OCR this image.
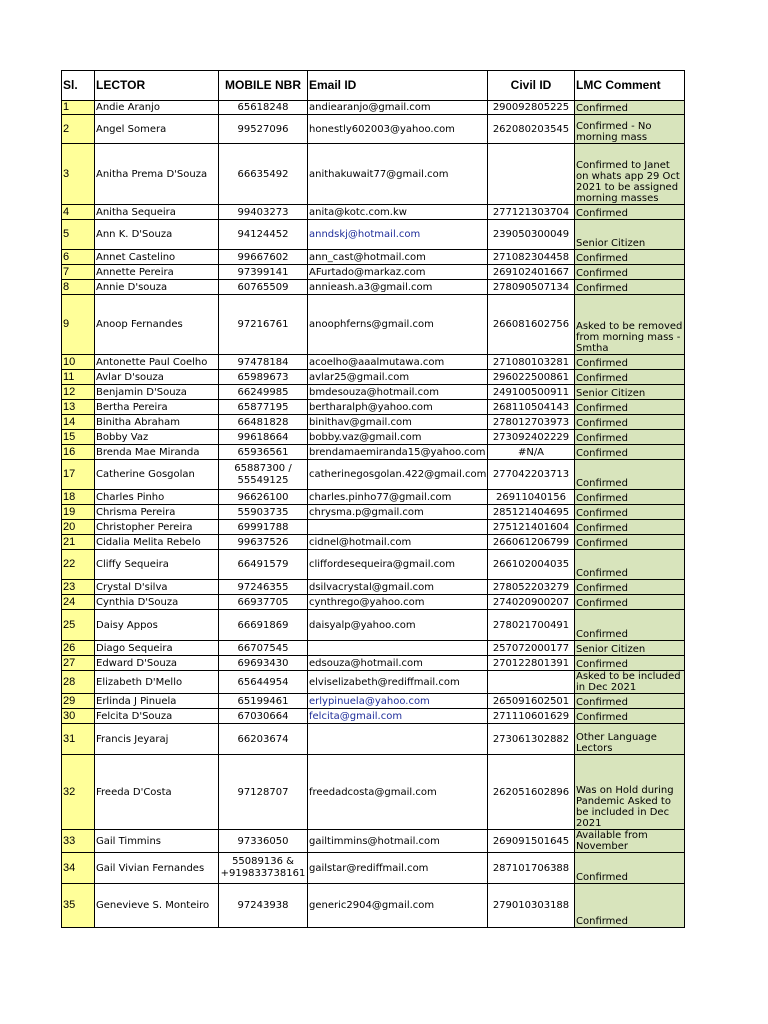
Sl.	LECTOR	MOBILE NBR	Email ID	Civil ID	LMC Comment
1	Andie Aranjo	65618248	andiearanjo@gmail.com	290092805225	Confirmed
2	Angel Somera	99527096	honestly602003@yahoo.com	262080203545	Confirmed - No morning mass
3	Anitha Prema D'Souza	66635492	anithakuwait77@gmail.com		Confirmed to Janet on whats app 29 Oct 2021 to be assigned morning masses
4	Anitha Sequeira	99403273	anita@kotc.com.kw	277121303704	Confirmed
5	Ann K. D'Souza	94124452	anndskj@hotmail.com	239050300049	Senior Citizen
6	Annet Castelino	99667602	ann_cast@hotmail.com	271082304458	Confirmed
7	Annette Pereira	97399141	AFurtado@markaz.com	269102401667	Confirmed
8	Annie D'souza	60765509	annieash.a3@gmail.com	278090507134	Confirmed
9	Anoop Fernandes	97216761	anoophferns@gmail.com	266081602756	Asked to be removed from morning mass - Smtha
10	Antonette Paul Coelho	97478184	acoelho@aaalmutawa.com	271080103281	Confirmed
11	Avlar D'souza	65989673	avlar25@gmail.com	296022500861	Confirmed
12	Benjamin D'Souza	66249985	bmdesouza@hotmail.com	249100500911	Senior Citizen
13	Bertha Pereira	65877195	bertharalph@yahoo.com	268110504143	Confirmed
14	Binitha Abraham	66481828	binithav@gmail.com	278012703973	Confirmed
15	Bobby Vaz	99618664	bobby.vaz@gmail.com	273092402229	Confirmed
16	Brenda Mae Miranda	65936561	brendamaemiranda15@yahoo.com	#N/A	Confirmed
17	Catherine Gosgolan	65887300 / 55549125	catherinegosgolan.422@gmail.com	277042203713	Confirmed
18	Charles Pinho	96626100	charles.pinho77@gmail.com	26911040156	Confirmed
19	Chrisma Pereira	55903735	chrysma.p@gmail.com	285121404695	Confirmed
20	Christopher Pereira	69991788		275121401604	Confirmed
21	Cidalia Melita Rebelo	99637526	cidnel@hotmail.com	266061206799	Confirmed
22	Cliffy Sequeira	66491579	cliffordesequeira@gmail.com	266102004035	Confirmed
23	Crystal D'silva	97246355	dsilvacrystal@gmail.com	278052203279	Confirmed
24	Cynthia D'Souza	66937705	cynthrego@yahoo.com	274020900207	Confirmed
25	Daisy Appos	66691869	daisyalp@yahoo.com	278021700491	Confirmed
26	Diago Sequeira	66707545		257072000177	Senior Citizen
27	Edward D'Souza	69693430	edsouza@hotmail.com	270122801391	Confirmed
28	Elizabeth D'Mello	65644954	elviselizabeth@rediffmail.com		Asked to be included in Dec 2021
29	Erlinda J Pinuela	65199461	erlypinuela@yahoo.com	265091602501	Confirmed
30	Felcita D'Souza	67030664	felcita@gmail.com	271110601629	Confirmed
31	Francis Jeyaraj	66203674		273061302882	Other Language Lectors
32	Freeda D'Costa	97128707	freedadcosta@gmail.com	262051602896	Was on Hold during Pandemic Asked to be included in Dec 2021
33	Gail Timmins	97336050	gailtimmins@hotmail.com	269091501645	Available from November
34	Gail Vivian Fernandes	55089136 & +919833738161	gailstar@rediffmail.com	287101706388	Confirmed
35	Genevieve S. Monteiro	97243938	generic2904@gmail.com	279010303188	Confirmed
